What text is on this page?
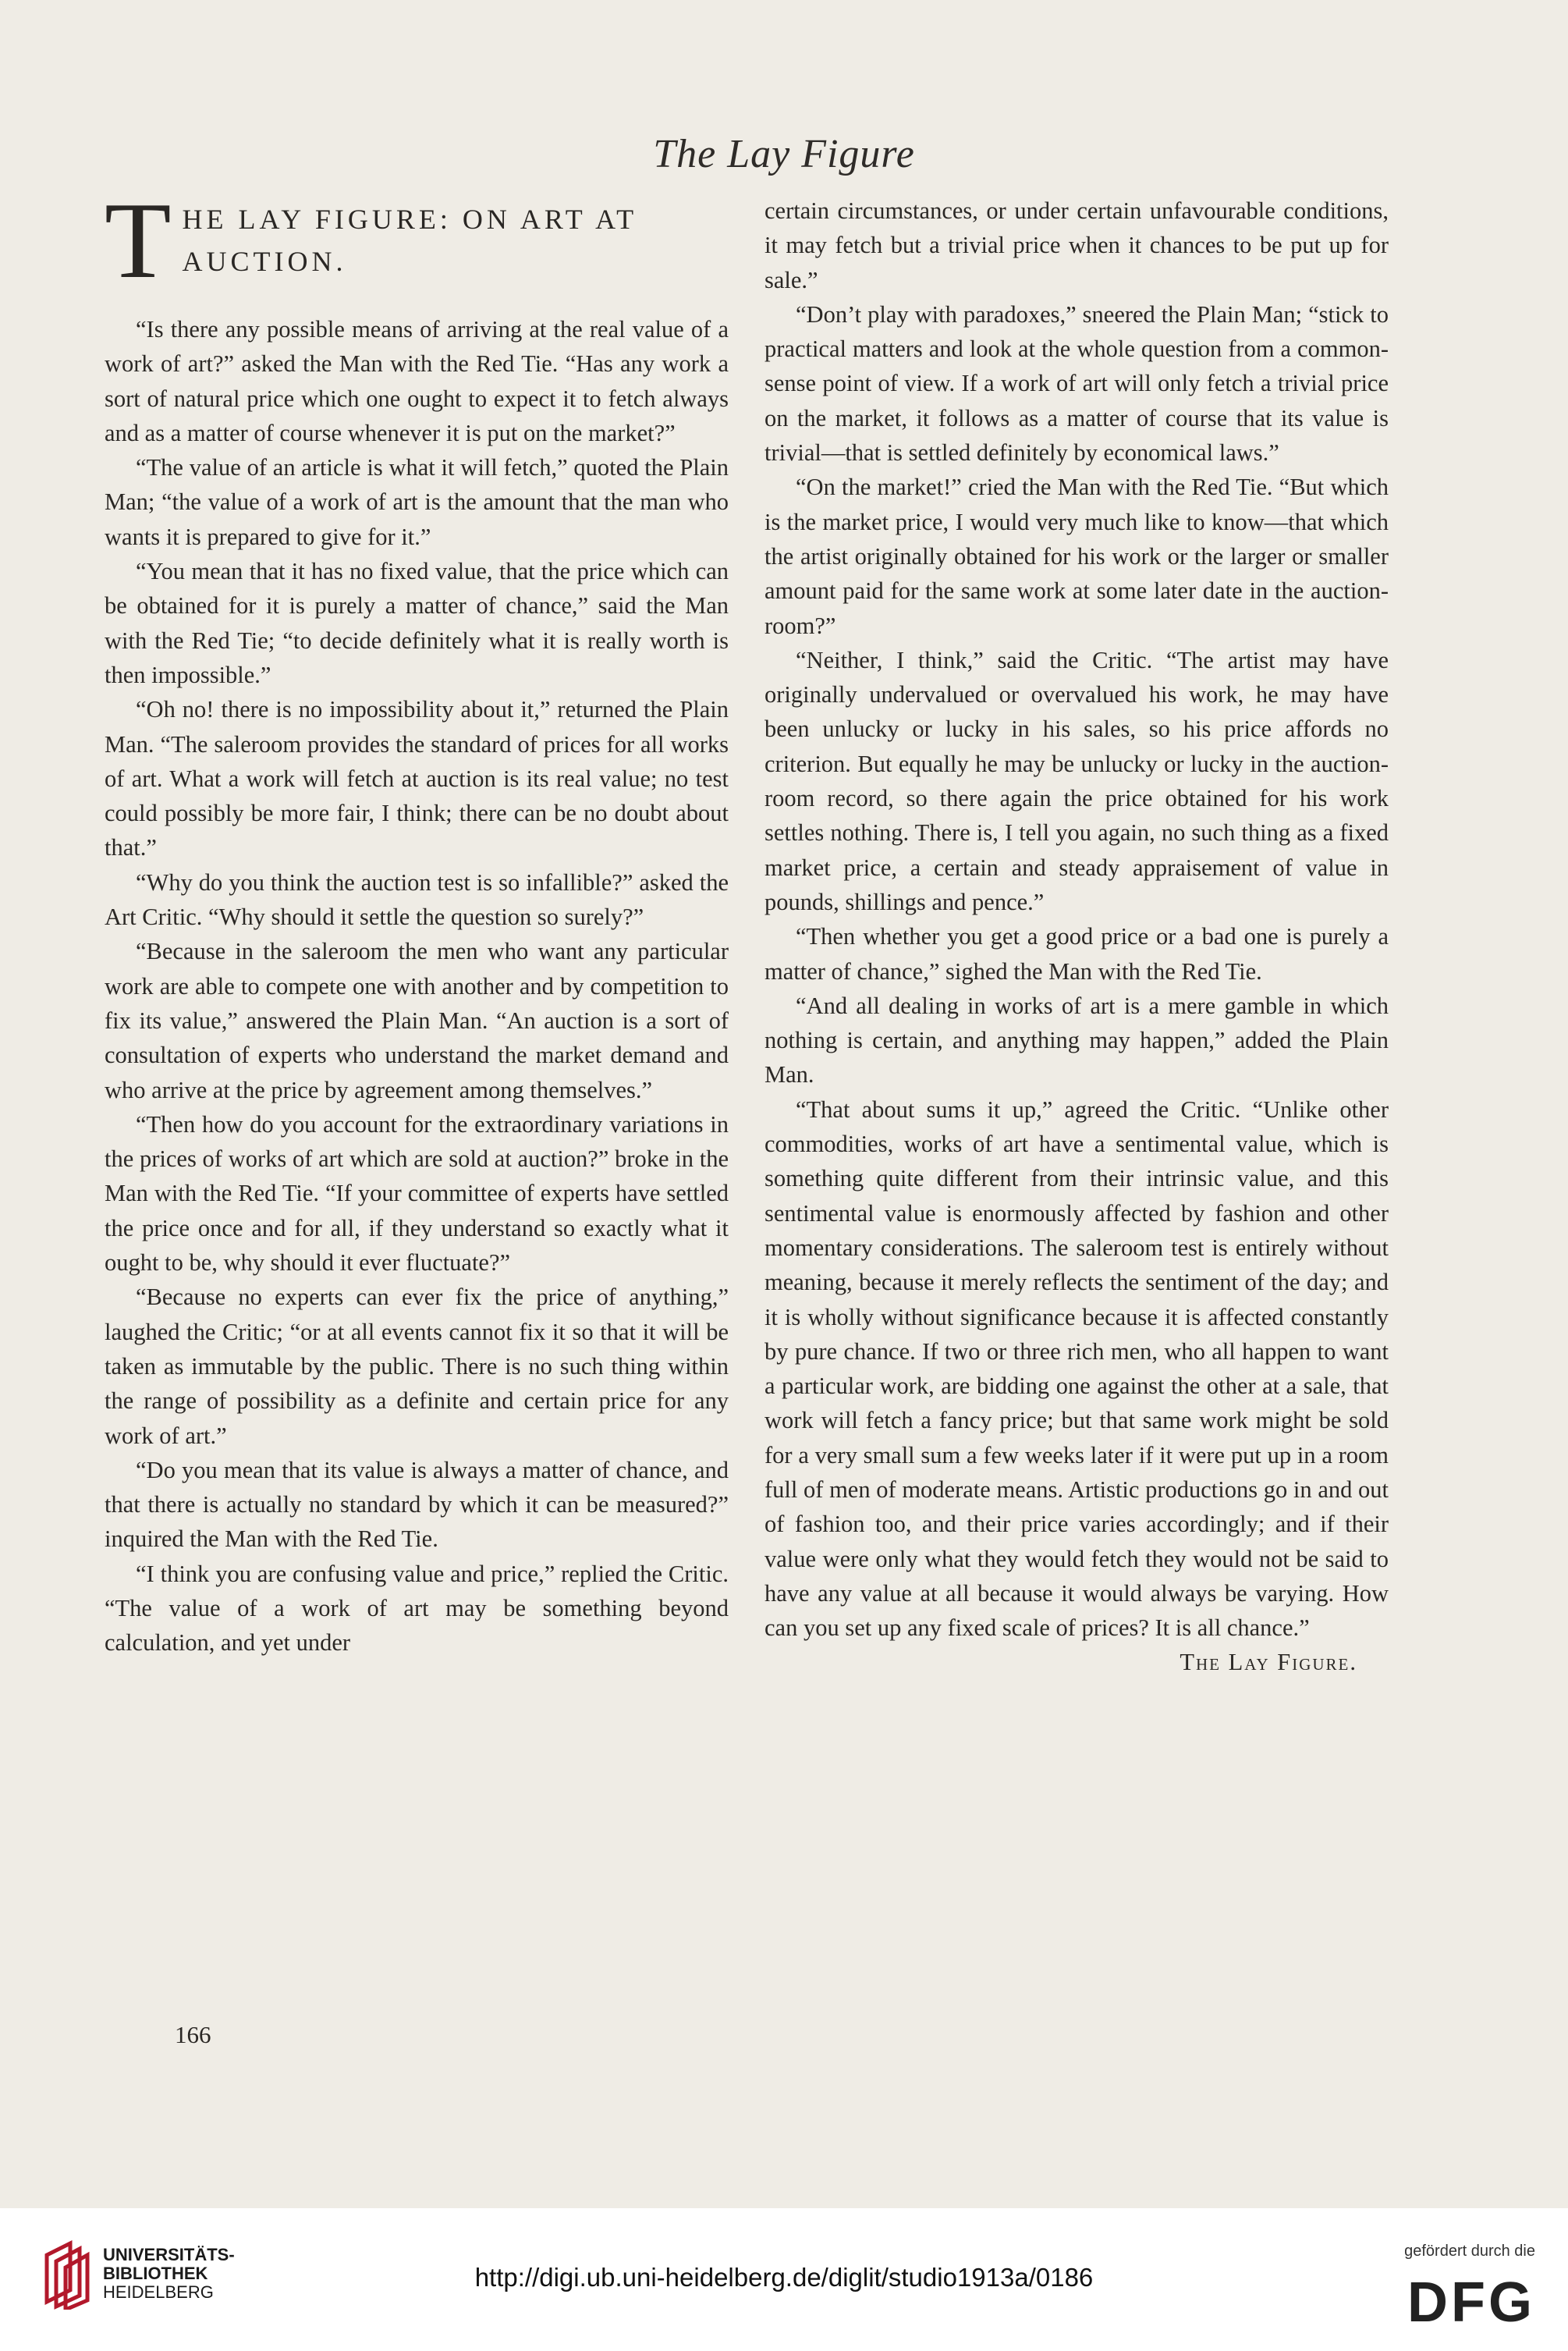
The Lay Figure
T HE LAY FIGURE: ON ART AT AUCTION.

“Is there any possible means of arriving at the real value of a work of art?” asked the Man with the Red Tie. “Has any work a sort of natural price which one ought to expect it to fetch always and as a matter of course whenever it is put on the market?”

“The value of an article is what it will fetch,” quoted the Plain Man; “the value of a work of art is the amount that the man who wants it is prepared to give for it.”

“You mean that it has no fixed value, that the price which can be obtained for it is purely a matter of chance,” said the Man with the Red Tie; “to decide definitely what it is really worth is then impossible.”

“Oh no! there is no impossibility about it,” returned the Plain Man. “The saleroom provides the standard of prices for all works of art. What a work will fetch at auction is its real value; no test could possibly be more fair, I think; there can be no doubt about that.”

“Why do you think the auction test is so infallible?” asked the Art Critic. “Why should it settle the question so surely?”

“Because in the saleroom the men who want any particular work are able to compete one with another and by competition to fix its value,” answered the Plain Man. “An auction is a sort of consultation of experts who understand the market demand and who arrive at the price by agreement among themselves.”

“Then how do you account for the extraordinary variations in the prices of works of art which are sold at auction?” broke in the Man with the Red Tie. “If your committee of experts have settled the price once and for all, if they understand so exactly what it ought to be, why should it ever fluctuate?”

“Because no experts can ever fix the price of anything,” laughed the Critic; “or at all events cannot fix it so that it will be taken as immutable by the public. There is no such thing within the range of possibility as a definite and certain price for any work of art.”

“Do you mean that its value is always a matter of chance, and that there is actually no standard by which it can be measured?” inquired the Man with the Red Tie.

“I think you are confusing value and price,” replied the Critic. “The value of a work of art may be something beyond calculation, and yet under

certain circumstances, or under certain unfavourable conditions, it may fetch but a trivial price when it chances to be put up for sale.”

“Don’t play with paradoxes,” sneered the Plain Man; “stick to practical matters and look at the whole question from a common-sense point of view. If a work of art will only fetch a trivial price on the market, it follows as a matter of course that its value is trivial—that is settled definitely by economical laws.”

“On the market!” cried the Man with the Red Tie. “But which is the market price, I would very much like to know—that which the artist originally obtained for his work or the larger or smaller amount paid for the same work at some later date in the auction-room?”

“Neither, I think,” said the Critic. “The artist may have originally undervalued or overvalued his work, he may have been unlucky or lucky in his sales, so his price affords no criterion. But equally he may be unlucky or lucky in the auction-room record, so there again the price obtained for his work settles nothing. There is, I tell you again, no such thing as a fixed market price, a certain and steady appraisement of value in pounds, shillings and pence.”

“Then whether you get a good price or a bad one is purely a matter of chance,” sighed the Man with the Red Tie.

“And all dealing in works of art is a mere gamble in which nothing is certain, and anything may happen,” added the Plain Man.

“That about sums it up,” agreed the Critic. “Unlike other commodities, works of art have a sentimental value, which is something quite different from their intrinsic value, and this sentimental value is enormously affected by fashion and other momentary considerations. The saleroom test is entirely without meaning, because it merely reflects the sentiment of the day; and it is wholly without significance because it is affected constantly by pure chance. If two or three rich men, who all happen to want a particular work, are bidding one against the other at a sale, that work will fetch a fancy price; but that same work might be sold for a very small sum a few weeks later if it were put up in a room full of men of moderate means. Artistic productions go in and out of fashion too, and their price varies accordingly; and if their value were only what they would fetch they would not be said to have any value at all because it would always be varying. How can you set up any fixed scale of prices? It is all chance.”

The Lay Figure.

166
UNIVERSITÄTS-
BIBLIOTHEK
HEIDELBERG
http://digi.ub.uni-heidelberg.de/diglit/studio1913a/0186
gefördert durch die
DFG
